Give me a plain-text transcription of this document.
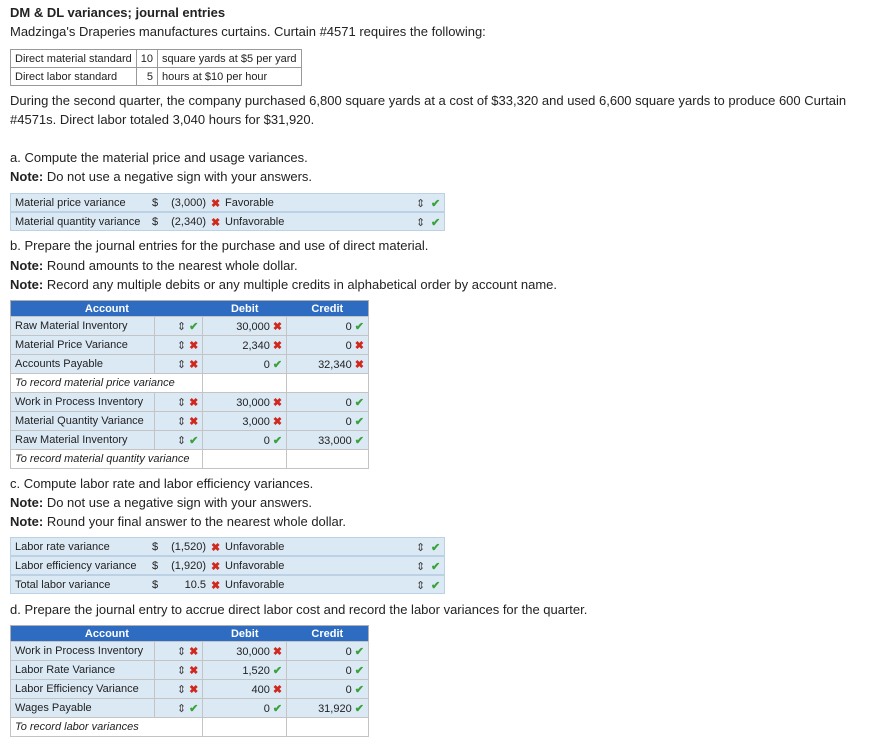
DM & DL variances; journal entries
Madzinga's Draperies manufactures curtains. Curtain #4571 requires the following:
Direct material standard	10	square yards at $5 per yard
Direct labor standard	5	hours at $10 per hour
During the second quarter, the company purchased 6,800 square yards at a cost of $33,320 and used 6,600 square yards to produce 600 Curtain
#4571s. Direct labor totaled 3,040 hours for $31,920.
a. Compute the material price and usage variances.
Note: Do not use a negative sign with your answers.
Material price variance $	(3,000) ✖ Favorable	⇕ ✔
Material quantity variance $	(2,340) ✖ Unfavorable	⇕ ✔
b. Prepare the journal entries for the purchase and use of direct material.
Note: Round amounts to the nearest whole dollar.
Note: Record any multiple debits or any multiple credits in alphabetical order by account name.
Account		Debit	Credit
Raw Material Inventory	⇕ ✔	30,000 ✖	0 ✔
Material Price Variance	⇕ ✖	2,340 ✖	0 ✖
Accounts Payable	⇕ ✖	0 ✔	32,340 ✖
To record material price variance			
Work in Process Inventory	⇕ ✖	30,000 ✖	0 ✔
Material Quantity Variance	⇕ ✖	3,000 ✖	0 ✔
Raw Material Inventory	⇕ ✔	0 ✔	33,000 ✔
To record material quantity variance			
c. Compute labor rate and labor efficiency variances.
Note: Do not use a negative sign with your answers.
Note: Round your final answer to the nearest whole dollar.
Labor rate variance	$	(1,520) ✖ Unfavorable	⇕ ✔
Labor efficiency variance $	(1,920) ✖ Unfavorable	⇕ ✔
Total labor variance	$	10.5 ✖ Unfavorable	⇕ ✔
d. Prepare the journal entry to accrue direct labor cost and record the labor variances for the quarter.
Account		Debit	Credit
Work in Process Inventory	⇕ ✖	30,000 ✖	0 ✔
Labor Rate Variance	⇕ ✖	1,520 ✔	0 ✔
Labor Efficiency Variance	⇕ ✖	400 ✖	0 ✔
Wages Payable	⇕ ✔	0 ✔	31,920 ✔
To record labor variances			
